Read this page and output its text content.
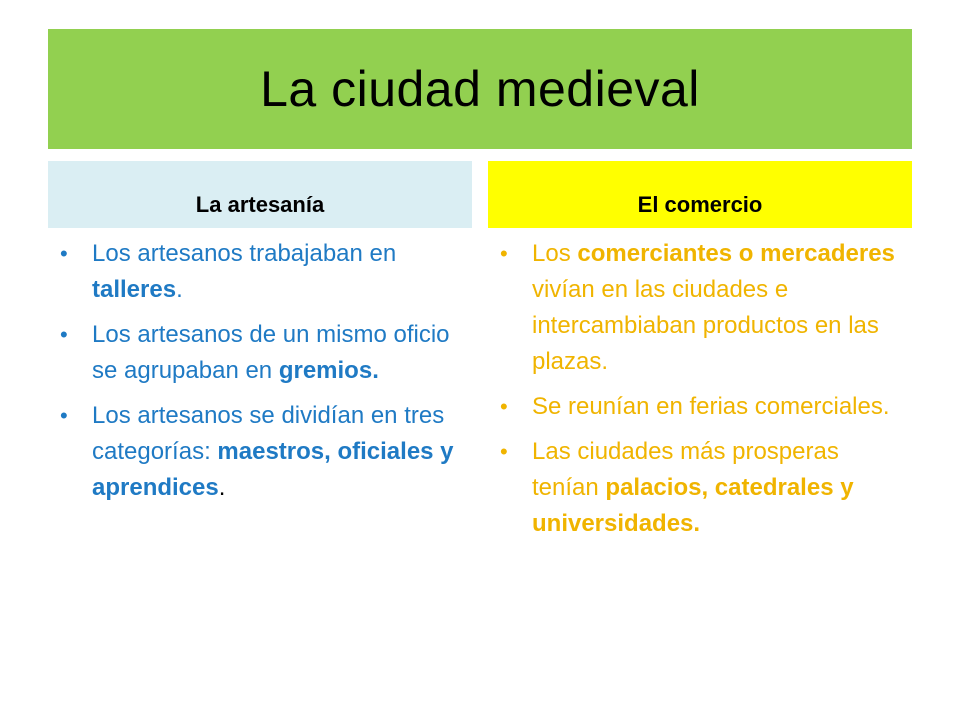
La ciudad medieval
La artesanía	El comercio
• Los artesanos trabajaban en talleres.
• Los artesanos de un mismo oficio se agrupaban en gremios.
• Los artesanos se dividían en tres categorías: maestros, oficiales y aprendices.
• Los comerciantes o mercaderes vivían en las ciudades e intercambiaban productos en las plazas.
• Se reunían en ferias comerciales.
• Las ciudades más prosperas tenían palacios, catedrales y universidades.
